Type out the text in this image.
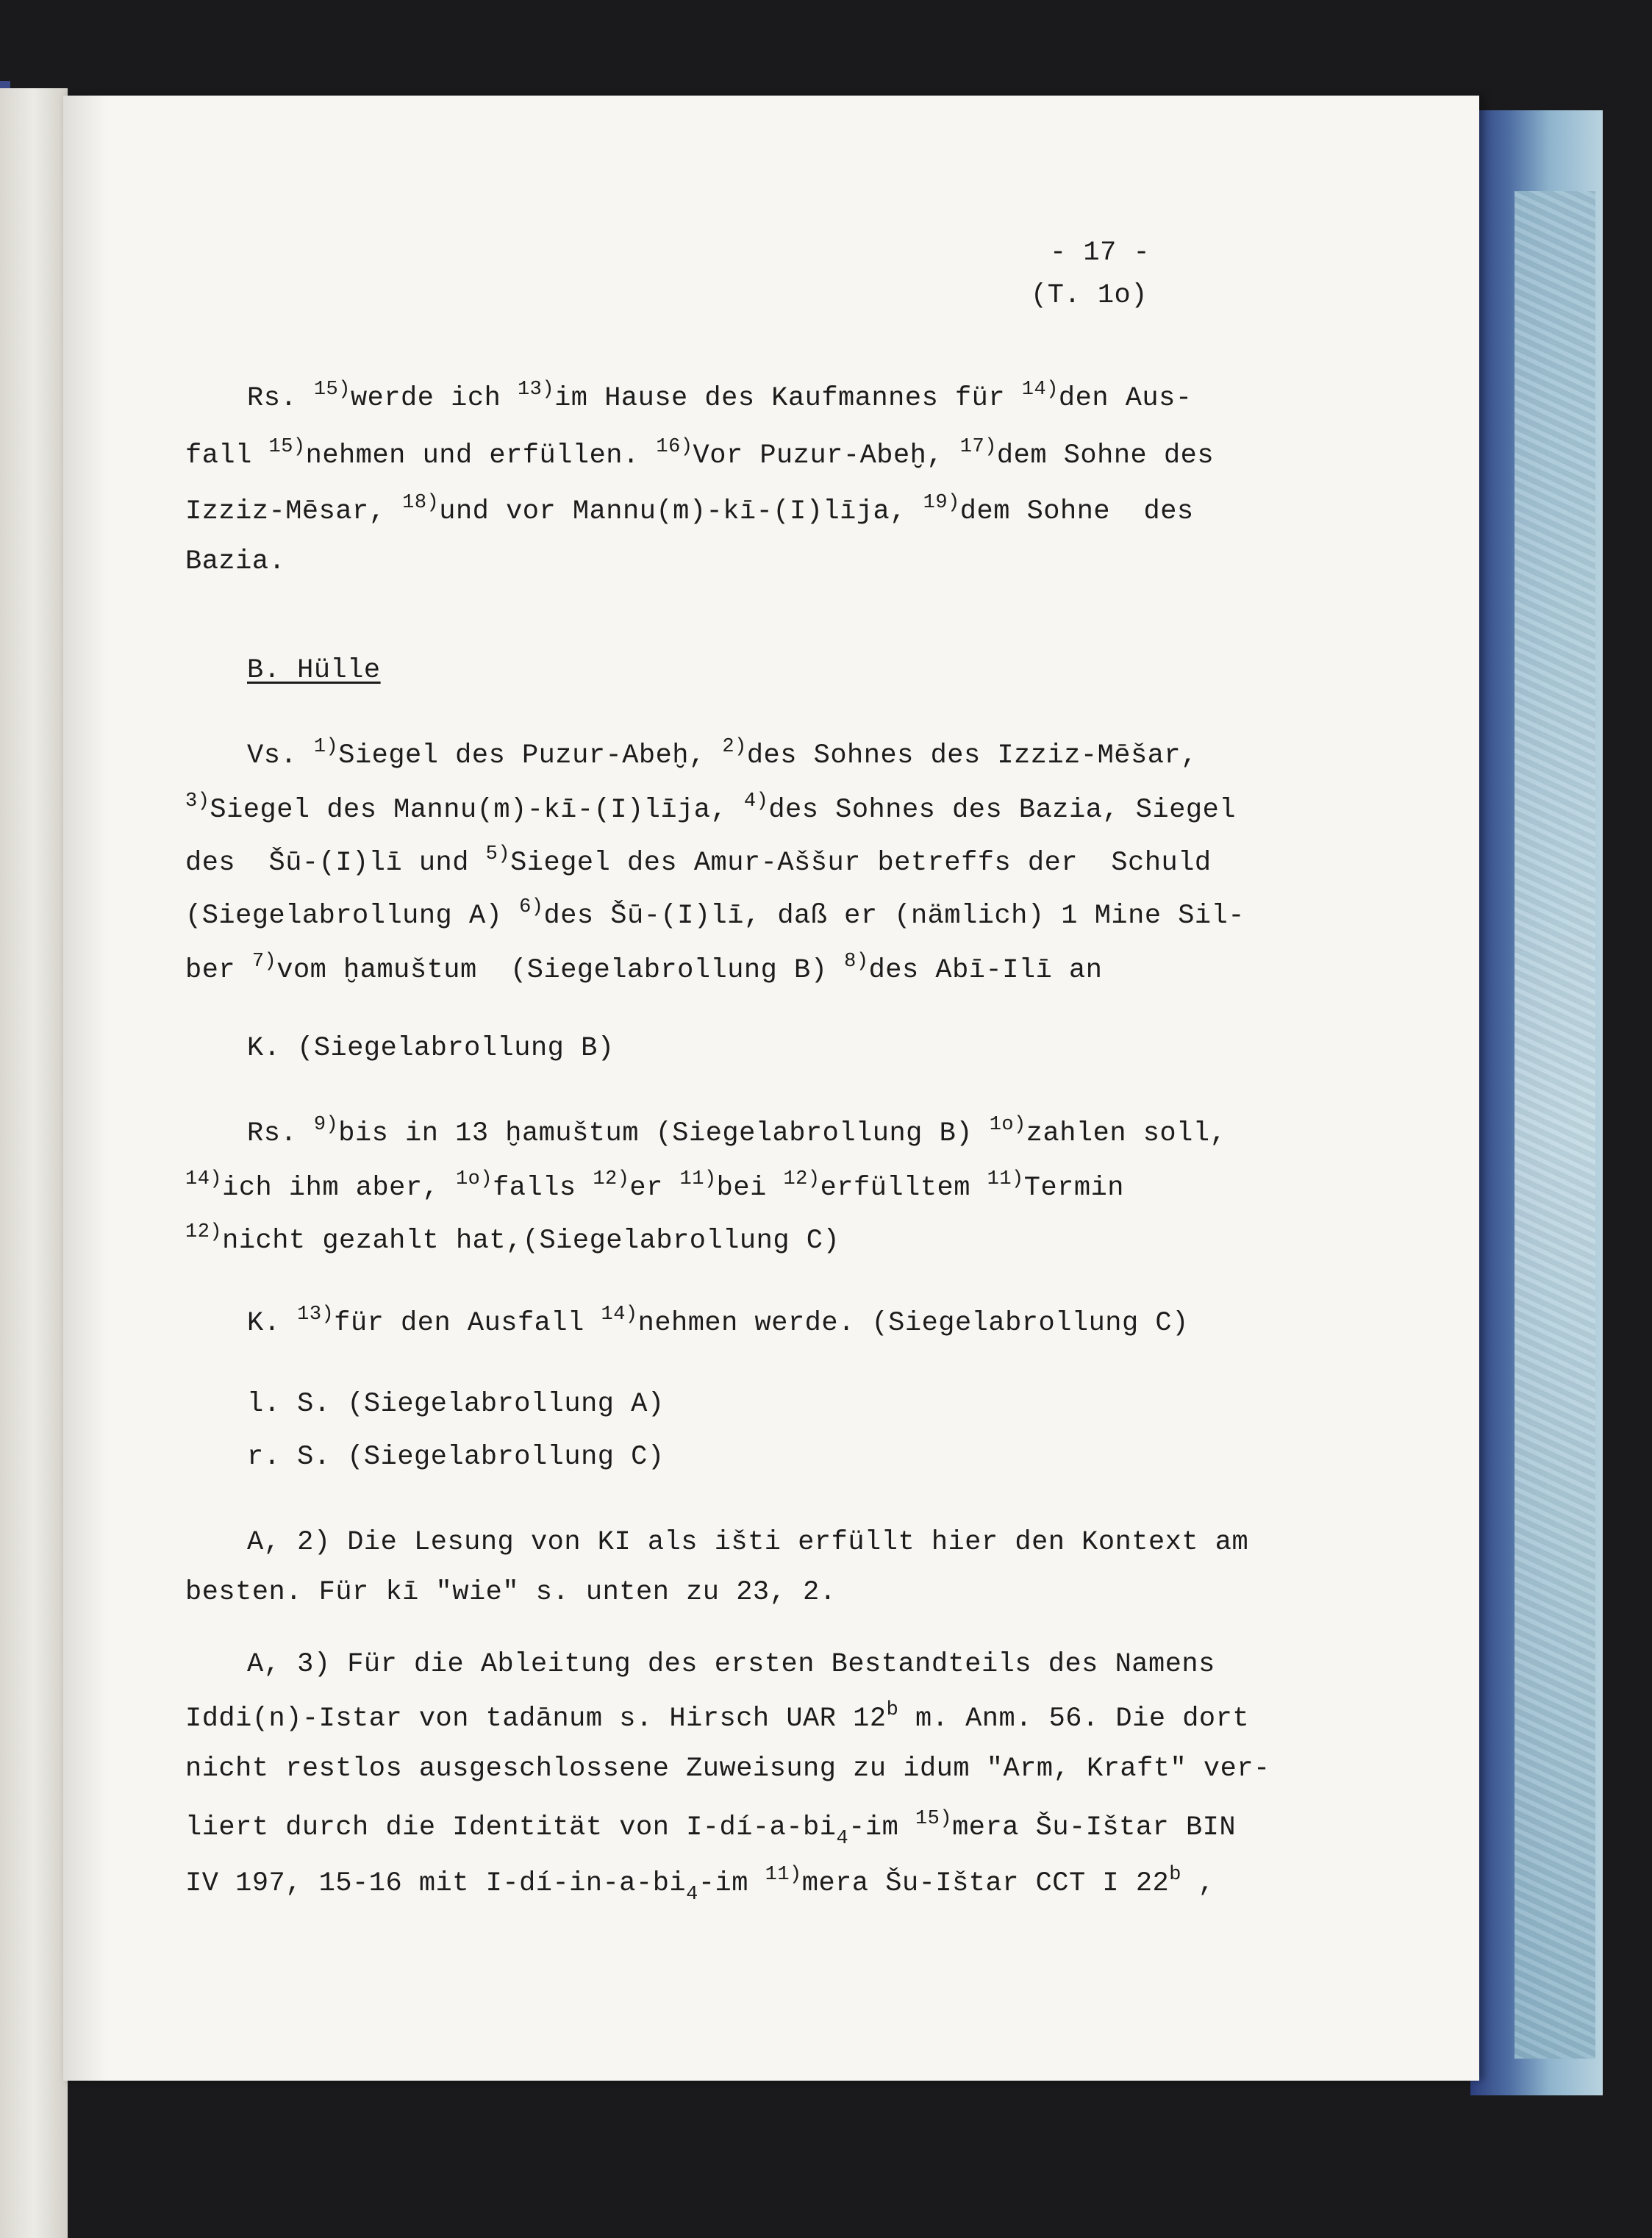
- 17 -
(T. 1o)
Rs. $^{15)}$werde ich $^{13)}$im Hause des Kaufmannes für $^{14)}$den Aus-
fall $^{15)}$nehmen und erfüllen. $^{16)}$Vor Puzur-Abeḫ, $^{17)}$dem Sohne des
Izziz-Mēsar, $^{18)}$und vor Mannu(m)-kī-(I)līja, $^{19)}$dem Sohne  des
Bazia.
B. Hülle
Vs. $^{1)}$Siegel des Puzur-Abeḫ, $^{2)}$des Sohnes des Izziz-Mēšar,
$^{3)}$Siegel des Mannu(m)-kī-(I)līja, $^{4)}$des Sohnes des Bazia, Siegel
des  Šū-(I)lī und $^{5)}$Siegel des Amur-Aššur betreffs der  Schuld
(Siegelabrollung A) $^{6)}$des Šū-(I)lī, daß er (nämlich) 1 Mine Sil-
ber $^{7)}$vom ḫamuštum  (Siegelabrollung B) $^{8)}$des Abī-Ilī an
K. (Siegelabrollung B)
Rs. $^{9)}$bis in 13 ḫamuštum (Siegelabrollung B) $^{1o)}$zahlen soll,
$^{14)}$ich ihm aber, $^{1o)}$falls $^{12)}$er $^{11)}$bei $^{12)}$erfülltem $^{11)}$Termin
$^{12)}$nicht gezahlt hat,(Siegelabrollung C)
K. $^{13)}$für den Ausfall $^{14)}$nehmen werde. (Siegelabrollung C)
l. S. (Siegelabrollung A)
r. S. (Siegelabrollung C)
A, 2) Die Lesung von KI als išti erfüllt hier den Kontext am
besten. Für kī "wie" s. unten zu 23, 2.
A, 3) Für die Ableitung des ersten Bestandteils des Namens
Iddi(n)-Istar von tadānum s. Hirsch UAR 12$^b$ m. Anm. 56. Die dort
nicht restlos ausgeschlossene Zuweisung zu idum "Arm, Kraft" ver-
liert durch die Identität von $I-dí-a-bi_4-im$ $^{15)}$mera Šu-Ištar BIN
IV 197, 15-16 mit $I-dí-in-a-bi_4-im$ $^{11)}$mera Šu-Ištar CCT I 22$^b$ ,
